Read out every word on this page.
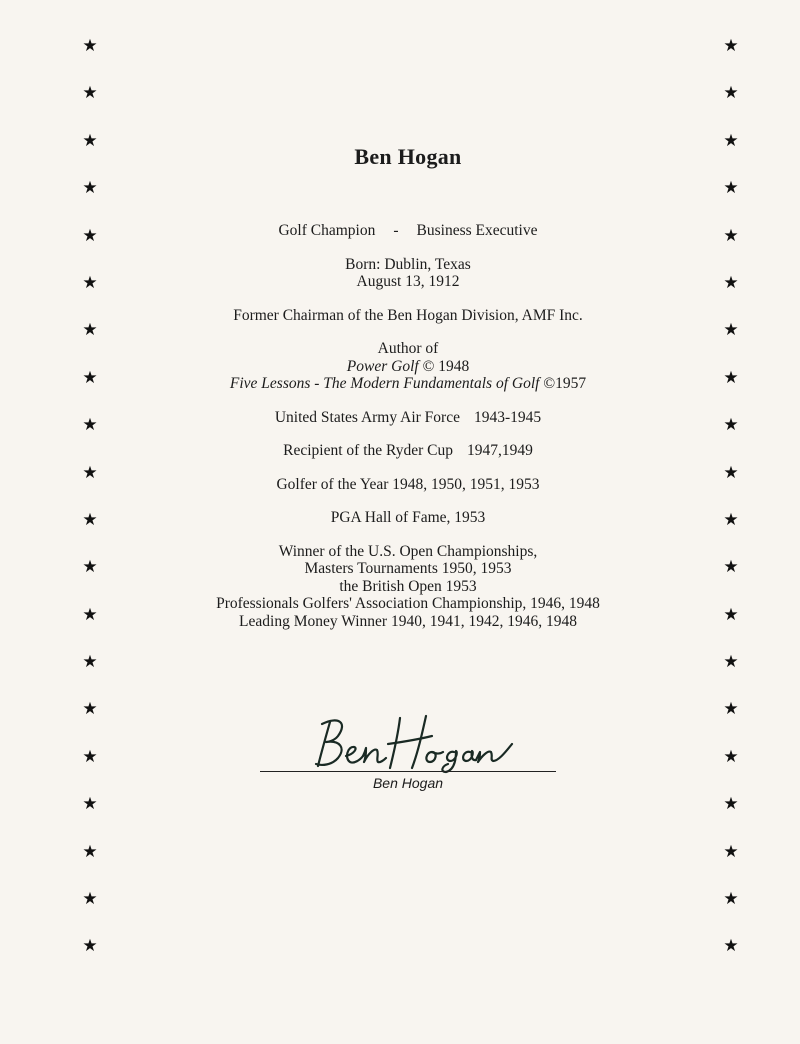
★
★
★
★
★
★
★
★
★
★
★
★
★
★
★
★
★
★
★
★
★
★
★
★
★
★
★
★
★
★
★
★
★
★
★
★
★
★
★
★
Ben Hogan
Golf Champion - Business Executive
Born: Dublin, Texas
August 13, 1912
Former Chairman of the Ben Hogan Division, AMF Inc.
Author of
Power Golf © 1948
Five Lessons - The Modern Fundamentals of Golf ©1957
United States Army Air Force 1943-1945
Recipient of the Ryder Cup 1947,1949
Golfer of the Year 1948, 1950, 1951, 1953
PGA Hall of Fame, 1953
Winner of the U.S. Open Championships,
Masters Tournaments 1950, 1953
the British Open 1953
Professionals Golfers' Association Championship, 1946, 1948
Leading Money Winner 1940, 1941, 1942, 1946, 1948
Ben Hogan
